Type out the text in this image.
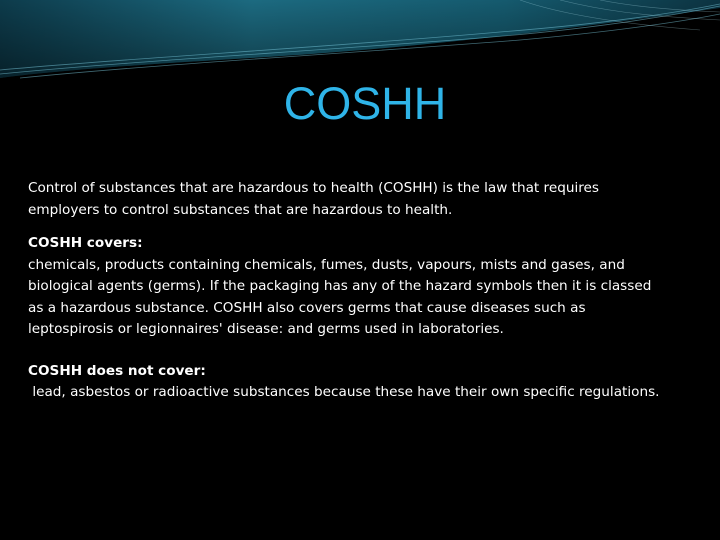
COSHH

Control of substances that are hazardous to health (COSHH) is the law that requires employers to control substances that are hazardous to health.

COSHH covers:
chemicals, products containing chemicals, fumes, dusts, vapours, mists and gases, and biological agents (germs). If the packaging has any of the hazard symbols then it is classed as a hazardous substance. COSHH also covers germs that cause diseases such as leptospirosis or legionnaires' disease: and germs used in laboratories.

COSHH does not cover:
lead, asbestos or radioactive substances because these have their own specific regulations.
